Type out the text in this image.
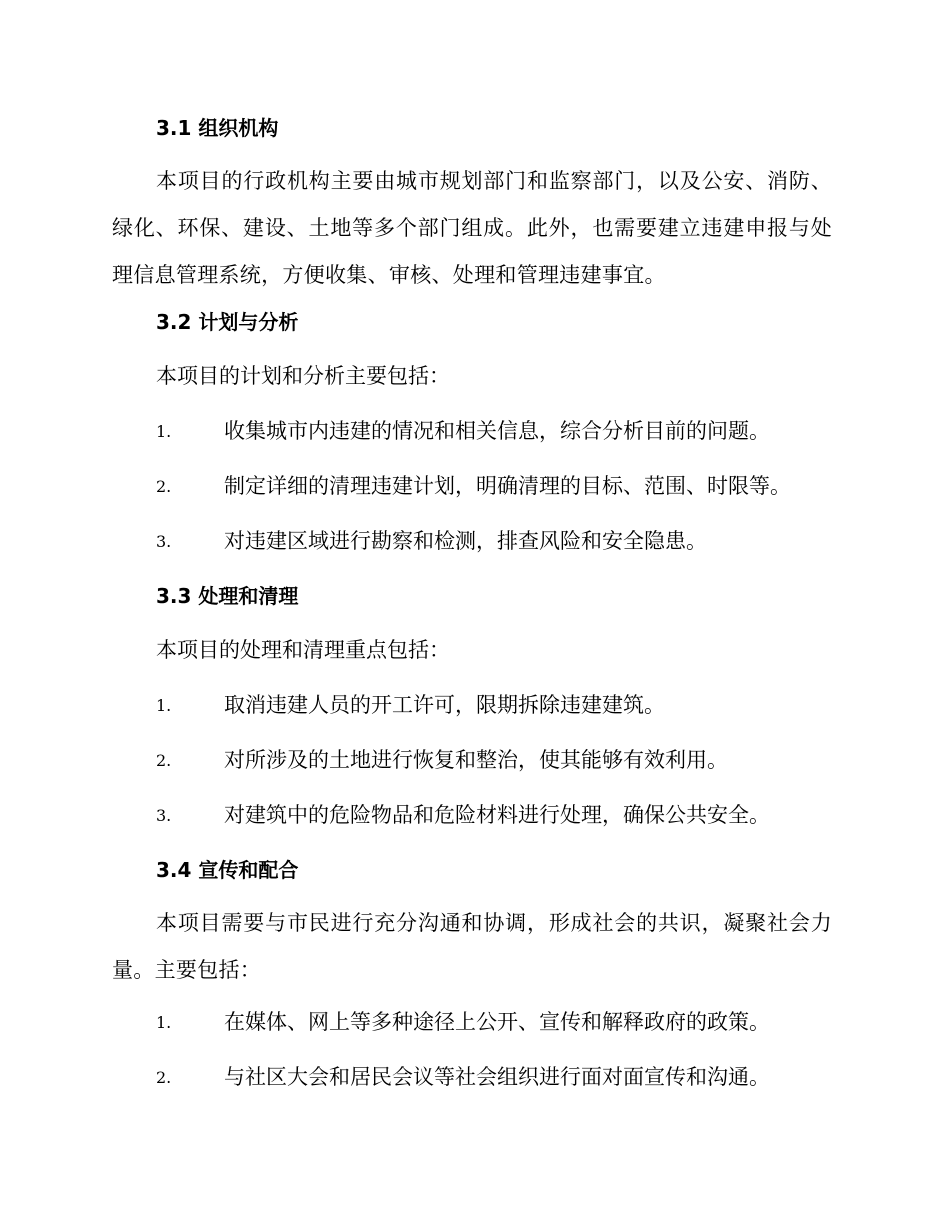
3.1 组织机构
本项目的行政机构主要由城市规划部门和监察部门，以及公安、消防、绿化、环保、建设、土地等多个部门组成。此外，也需要建立违建申报与处理信息管理系统，方便收集、审核、处理和管理违建事宜。
3.2 计划与分析
本项目的计划和分析主要包括：
1.	收集城市内违建的情况和相关信息，综合分析目前的问题。
2.	制定详细的清理违建计划，明确清理的目标、范围、时限等。
3.	对违建区域进行勘察和检测，排查风险和安全隐患。
3.3 处理和清理
本项目的处理和清理重点包括：
1.	取消违建人员的开工许可，限期拆除违建建筑。
2.	对所涉及的土地进行恢复和整治，使其能够有效利用。
3.	对建筑中的危险物品和危险材料进行处理，确保公共安全。
3.4 宣传和配合
本项目需要与市民进行充分沟通和协调，形成社会的共识，凝聚社会力量。主要包括：
1.	在媒体、网上等多种途径上公开、宣传和解释政府的政策。
2.	与社区大会和居民会议等社会组织进行面对面宣传和沟通。
